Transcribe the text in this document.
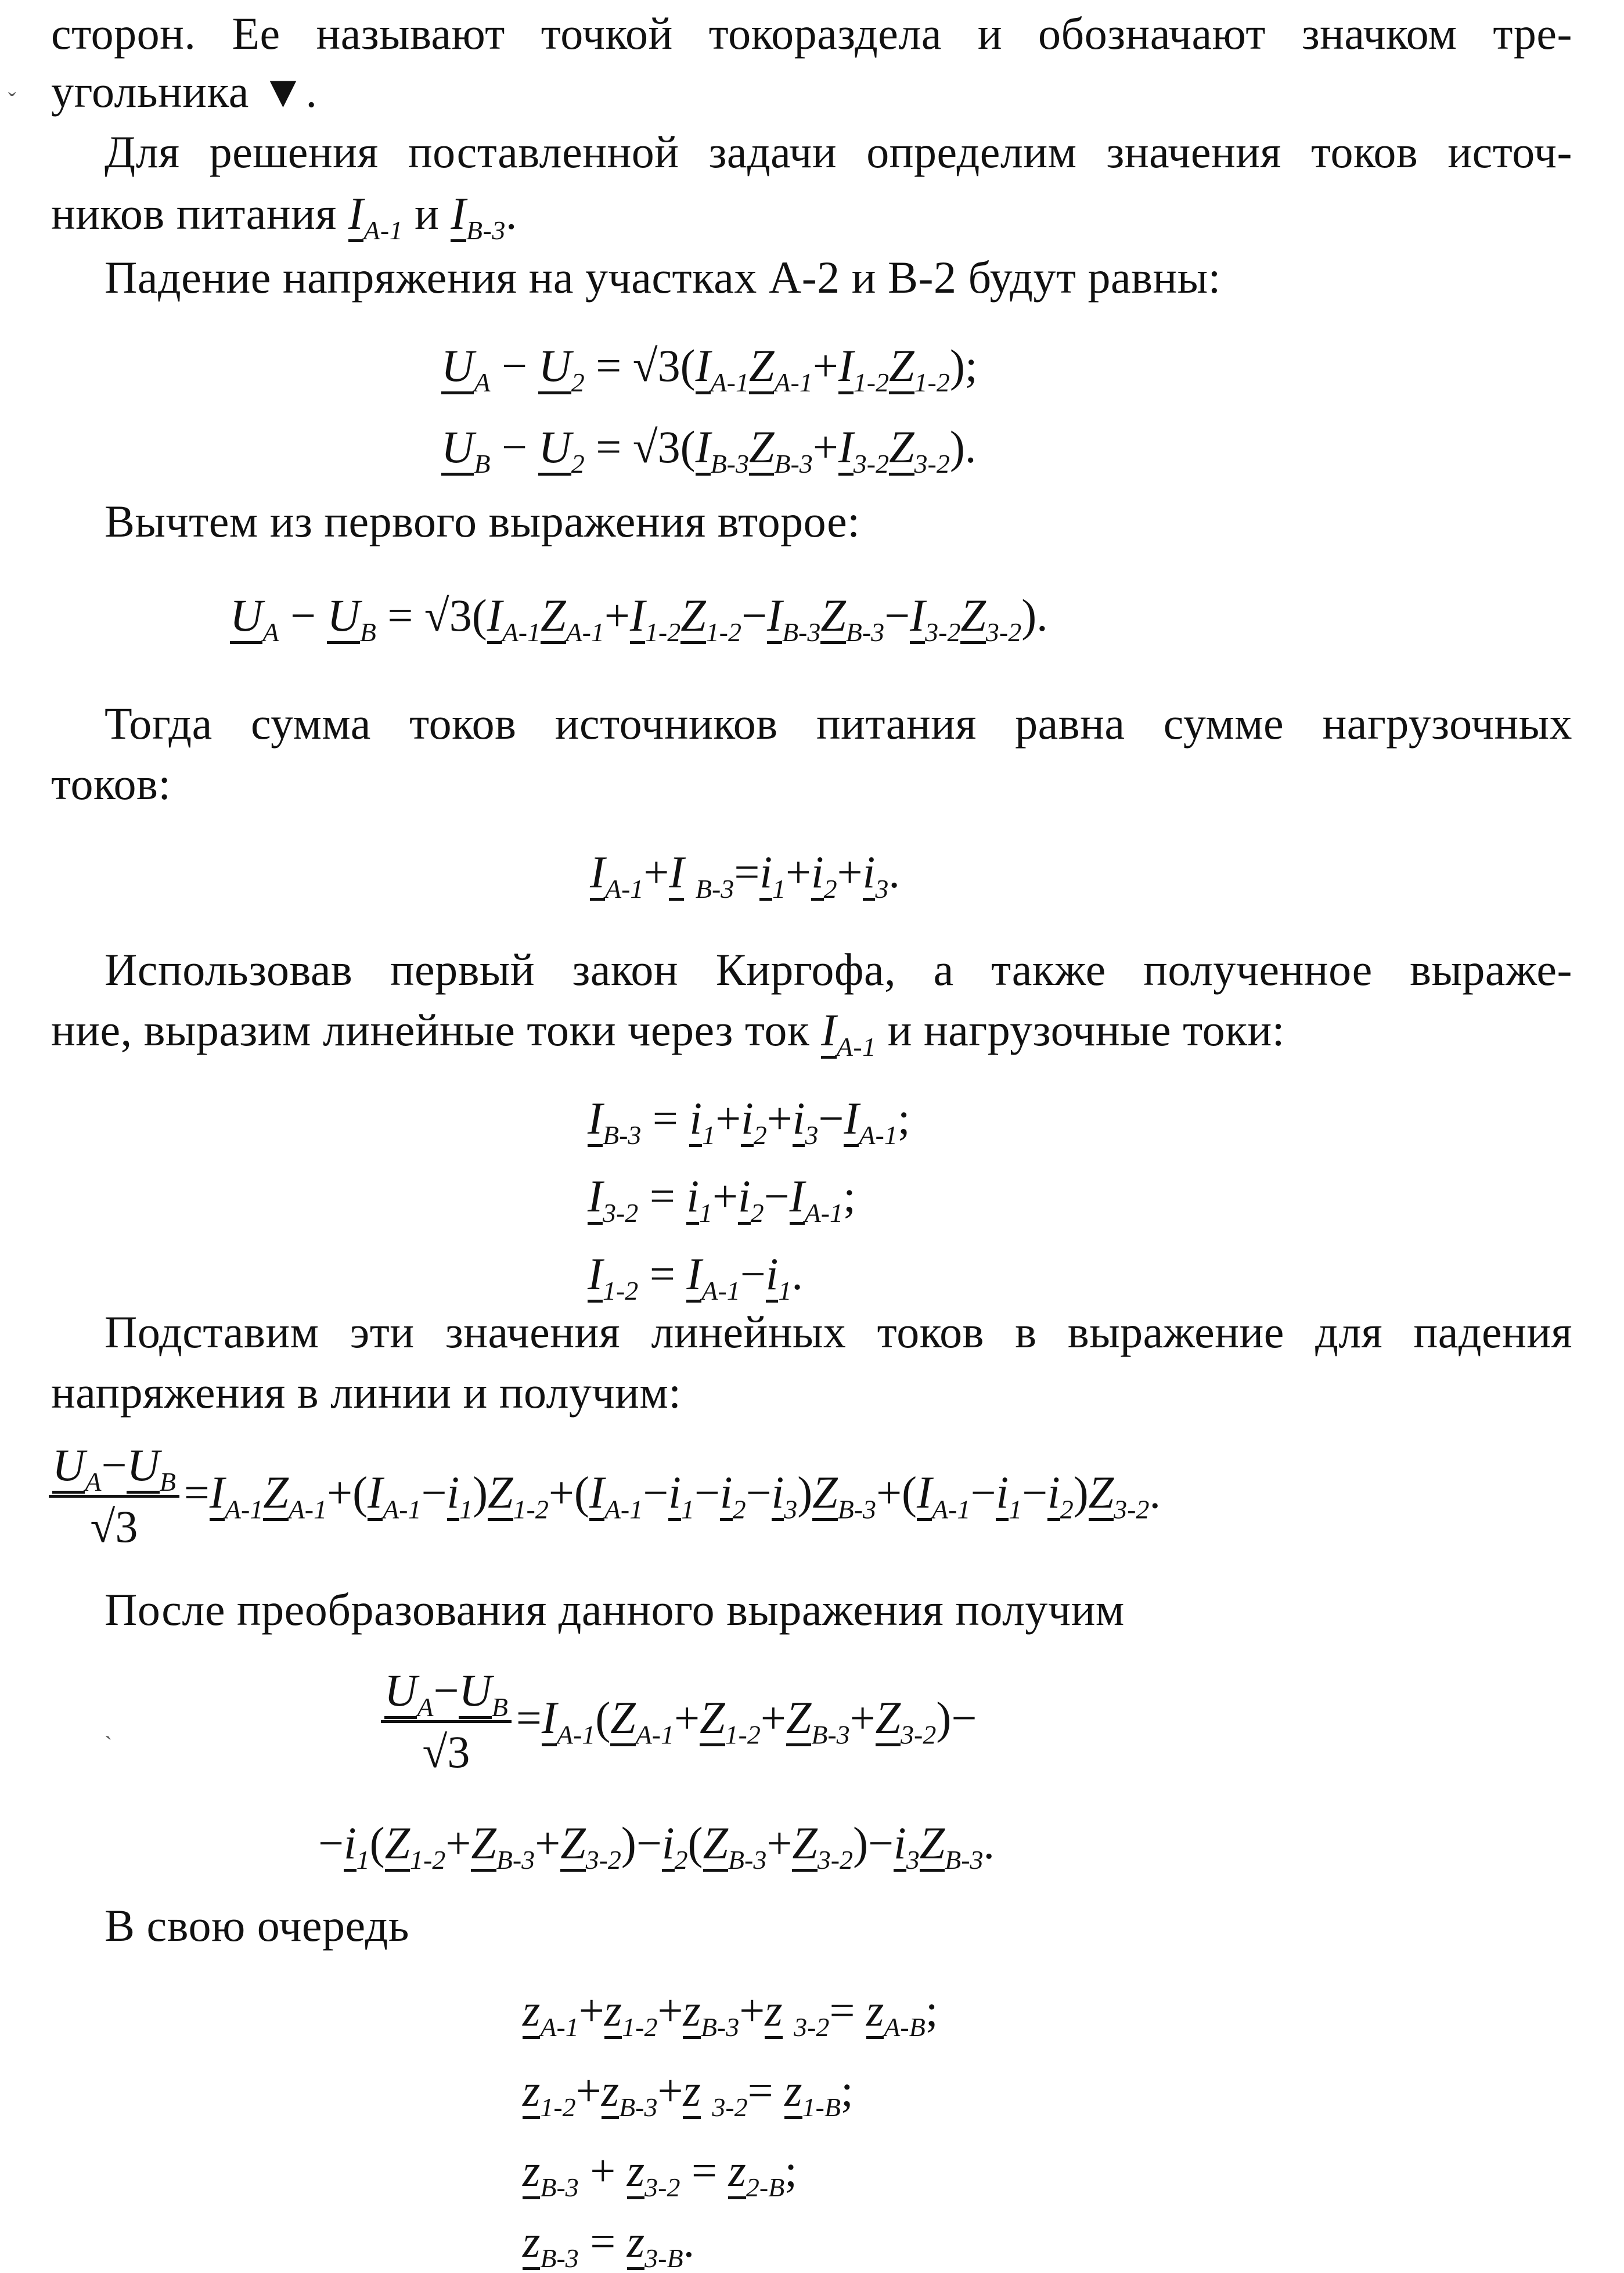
ˇ
сторон. Ее называют точкой токораздела и обозначают значком тре-
угольника ▼.
Для решения поставленной задачи определим значения токов источ-
ников питания $I_{A-1}$ и $I_{B-3}$.
Падение напряжения на участках А-2 и В-2 будут равны:
$U_A - U_2 = √3(I_{A-1}Z_{A-1}+I_{1-2}Z_{1-2})$;
$U_B - U_2 = √3(I_{B-3}Z_{B-3}+I_{3-2}Z_{3-2})$.
Вычтем из первого выражения второе:
$U_A - U_B = √3(I_{A-1}Z_{A-1}+I_{1-2}Z_{1-2}-I_{B-3}Z_{B-3}-I_{3-2}Z_{3-2})$.
Тогда сумма токов источников питания равна сумме нагрузочных
токов:
$I_{A-1}+I$ $_{B-3}=i_1+i_2+i_3$.
Использовав первый закон Киргофа, а также полученное выраже-
ние, выразим линейные токи через ток $I_{A-1}$ и нагрузочные токи:
$I_{B-3} = i_1+i_2+i_3-I_{A-1}$;
$I_{3-2} = i_1+i_2-I_{A-1}$;
$I_{1-2} = I_{A-1}-i_1$.
Подставим эти значения линейных токов в выражение для падения
напряжения в линии и получим:
$\frac{U_A-U_B}{√3} =I_{A-1}Z_{A-1}+(I_{A-1}-i_1)Z_{1-2}+(I_{A-1}-i_1-i_2-i_3)Z_{B-3}+(I_{A-1}-i_1-i_2)Z_{3-2}$.
После преобразования данного выражения получим
ˎ	$\frac{U_A-U_B}{√3} =I_{A-1}(Z_{A-1}+Z_{1-2}+Z_{B-3}+Z_{3-2})-$
$-i_1(Z_{1-2}+Z_{B-3}+Z_{3-2})-i_2(Z_{B-3}+Z_{3-2})-i_3Z_{B-3}$.
В свою очередь
$z_{A-1}+z_{1-2}+z_{B-3}+z$ $_{3-2}= z_{A-B}$;
$z_{1-2}+z_{B-3}+z$ $_{3-2}= z_{1-B}$;
$z_{B-3} + z_{3-2} = z_{2-B}$;
$z_{B-3} = z_{3-B}$.
